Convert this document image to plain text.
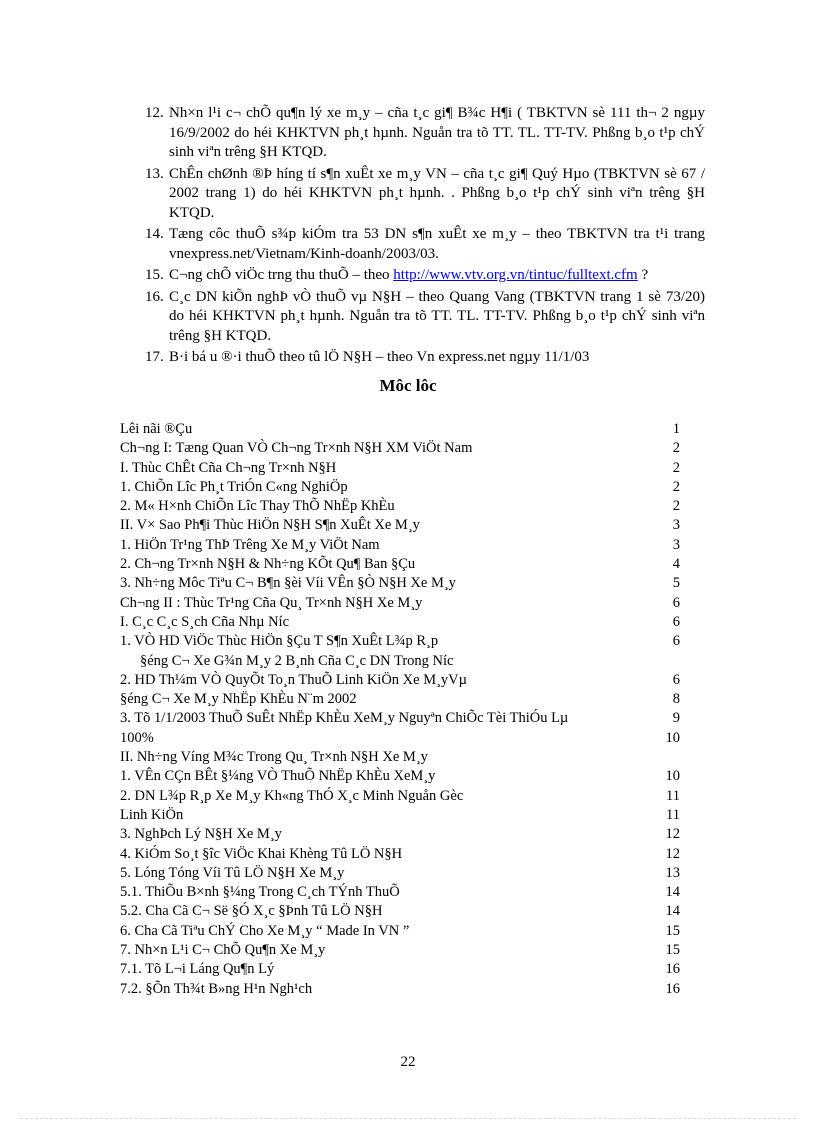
12. Nh×n l¹i c¬ chÕ qu¶n lý xe m¸y – cña t¸c gi¶ B¾c H¶i ( TBKTVN sè 111 th¬ 2 ngµy 16/9/2002 do héi KHKTVN ph¸t hµnh. Nguån tra tõ TT. TL. TT-TV. Phßng b¸o t¹p chÝ sinh viªn trêng §H KTQD.
13. ChÊn chØnh ®Þ híng tí s¶n xuÊt xe m¸y VN – cña t¸c gi¶ Quý Hµo (TBKTVN sè 67 / 2002 trang 1) do héi KHKTVN ph¸t hµnh. . Phßng b¸o t¹p chÝ sinh viªn trêng §H KTQD.
14. Tæng côc thuÕ s¾p kiÓm tra 53 DN s¶n xuÊt xe m¸y – theo TBKTVN tra t¹i trang vnexpress.net/Vietnam/Kinh-doanh/2003/03.
15. C¬ng chÕ viÖc trng thu thuÕ – theo http://www.vtv.org.vn/tintuc/fulltext.cfm ?
16. C¸c DN kiÕn nghÞ vÒ thuÕ vµ N§H – theo Quang Vang (TBKTVN trang 1 sè 73/20) do héi KHKTVN ph¸t hµnh. Nguån tra tõ TT. TL. TT-TV. Phßng b¸o t¹p chÝ sinh viªn trêng §H KTQD.
17. B·i bá u ®·i thuÕ theo tû lÖ N§H – theo Vn express.net ngµy 11/1/03
Môc lôc
Lêi nãi ®Çu	1
Ch¬ng I: Tæng Quan VÒ Ch¬ng Tr×nh N§H XM ViÖt Nam	2
I. Thùc ChÊt Cña Ch¬ng Tr×nh N§H	2
1. ChiÕn Lîc Ph¸t TriÓn C«ng NghiÖp	2
2. M« H×nh ChiÕn Lîc Thay ThÕ NhËp KhÈu	2
II. V× Sao Ph¶i Thùc HiÖn N§H S¶n XuÊt Xe M¸y	3
1. HiÖn Tr¹ng ThÞ Trêng Xe M¸y ViÖt Nam	3
2. Ch¬ng Tr×nh N§H & Nh÷ng KÕt Qu¶ Ban §Çu	4
3. Nh÷ng Môc Tiªu C¬ B¶n §èi Víi VÊn §Ò N§H Xe M¸y	5
Ch¬ng II : Thùc Tr¹ng Cña Qu¸ Tr×nh N§H Xe M¸y	6
I. C¸c C¸c S¸ch Cña Nhµ Níc	6
1. VÒ HD ViÖc Thùc HiÖn §Çu T S¶n XuÊt L¾p R¸p	6
§éng C¬ Xe G¾n M¸y 2 B¸nh Cña C¸c DN Trong Níc
2. HD Th¼m VÒ QuyÕt To¸n ThuÕ Linh KiÖn Xe M¸yVµ	6
§éng C¬ Xe M¸y NhËp KhÈu N¨m 2002	8
3. Tõ 1/1/2003 ThuÕ SuÊt NhËp KhÈu XeM¸y Nguyªn ChiÕc Tèi ThiÓu Lµ	9
100%	10
II. Nh÷ng Víng M¾c Trong Qu¸ Tr×nh N§H Xe M¸y
1. VÊn CÇn BÊt §¼ng VÒ ThuÕ NhËp KhÈu XeM¸y	10
2. DN L¾p R¸p Xe M¸y Kh«ng ThÓ X¸c Minh Nguån Gèc	11
Linh KiÖn	11
3. NghÞch Lý N§H Xe M¸y	12
4. KiÓm So¸t §îc ViÖc Khai Khèng Tû LÖ N§H	12
5. Lóng Tóng Víi Tû LÖ N§H Xe M¸y	13
5.1. ThiÕu B×nh §¼ng Trong C¸ch TÝnh ThuÕ	14
5.2. Cha Cã C¬ Së §Ó X¸c §Þnh Tû LÖ N§H	14
6. Cha Cã Tiªu ChÝ Cho Xe M¸y “ Made In VN ”	15
7. Nh×n L¹i C¬ ChÕ Qu¶n Xe M¸y	15
7.1. Tõ L¬i Láng Qu¶n Lý	16
7.2. §Õn Th¾t B»ng H¹n Ngh¹ch	16
22
